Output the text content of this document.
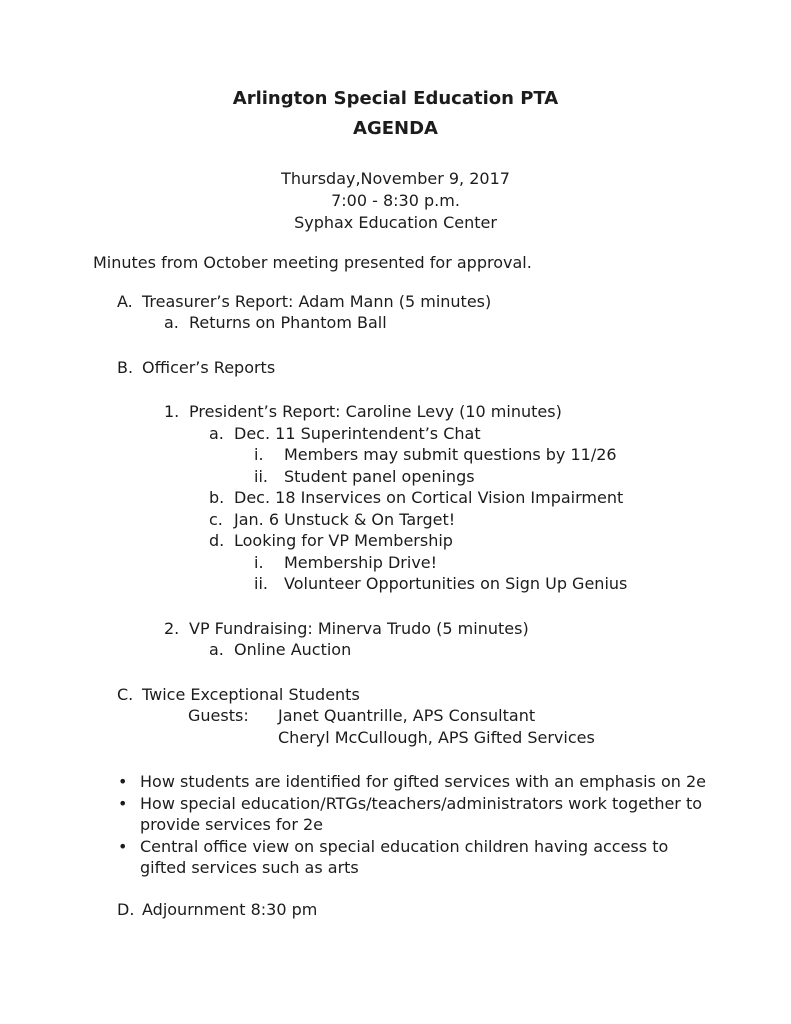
Arlington Special Education PTA
AGENDA
Thursday,November 9, 2017
7:00 - 8:30 p.m.
Syphax Education Center
Minutes from October meeting presented for approval.
A. Treasurer’s Report: Adam Mann (5 minutes)
a. Returns on Phantom Ball
B. Officer’s Reports
1. President’s Report: Caroline Levy (10 minutes)
a. Dec. 11 Superintendent’s Chat
i. Members may submit questions by 11/26
ii. Student panel openings
b. Dec. 18 Inservices on Cortical Vision Impairment
c. Jan. 6 Unstuck & On Target!
d. Looking for VP Membership
i. Membership Drive!
ii. Volunteer Opportunities on Sign Up Genius
2. VP Fundraising: Minerva Trudo (5 minutes)
a. Online Auction
C. Twice Exceptional Students
Guests: Janet Quantrille, APS Consultant
Cheryl McCullough, APS Gifted Services
• How students are identified for gifted services with an emphasis on 2e
• How special education/RTGs/teachers/administrators work together to
provide services for 2e
• Central office view on special education children having access to
gifted services such as arts
D. Adjournment 8:30 pm
